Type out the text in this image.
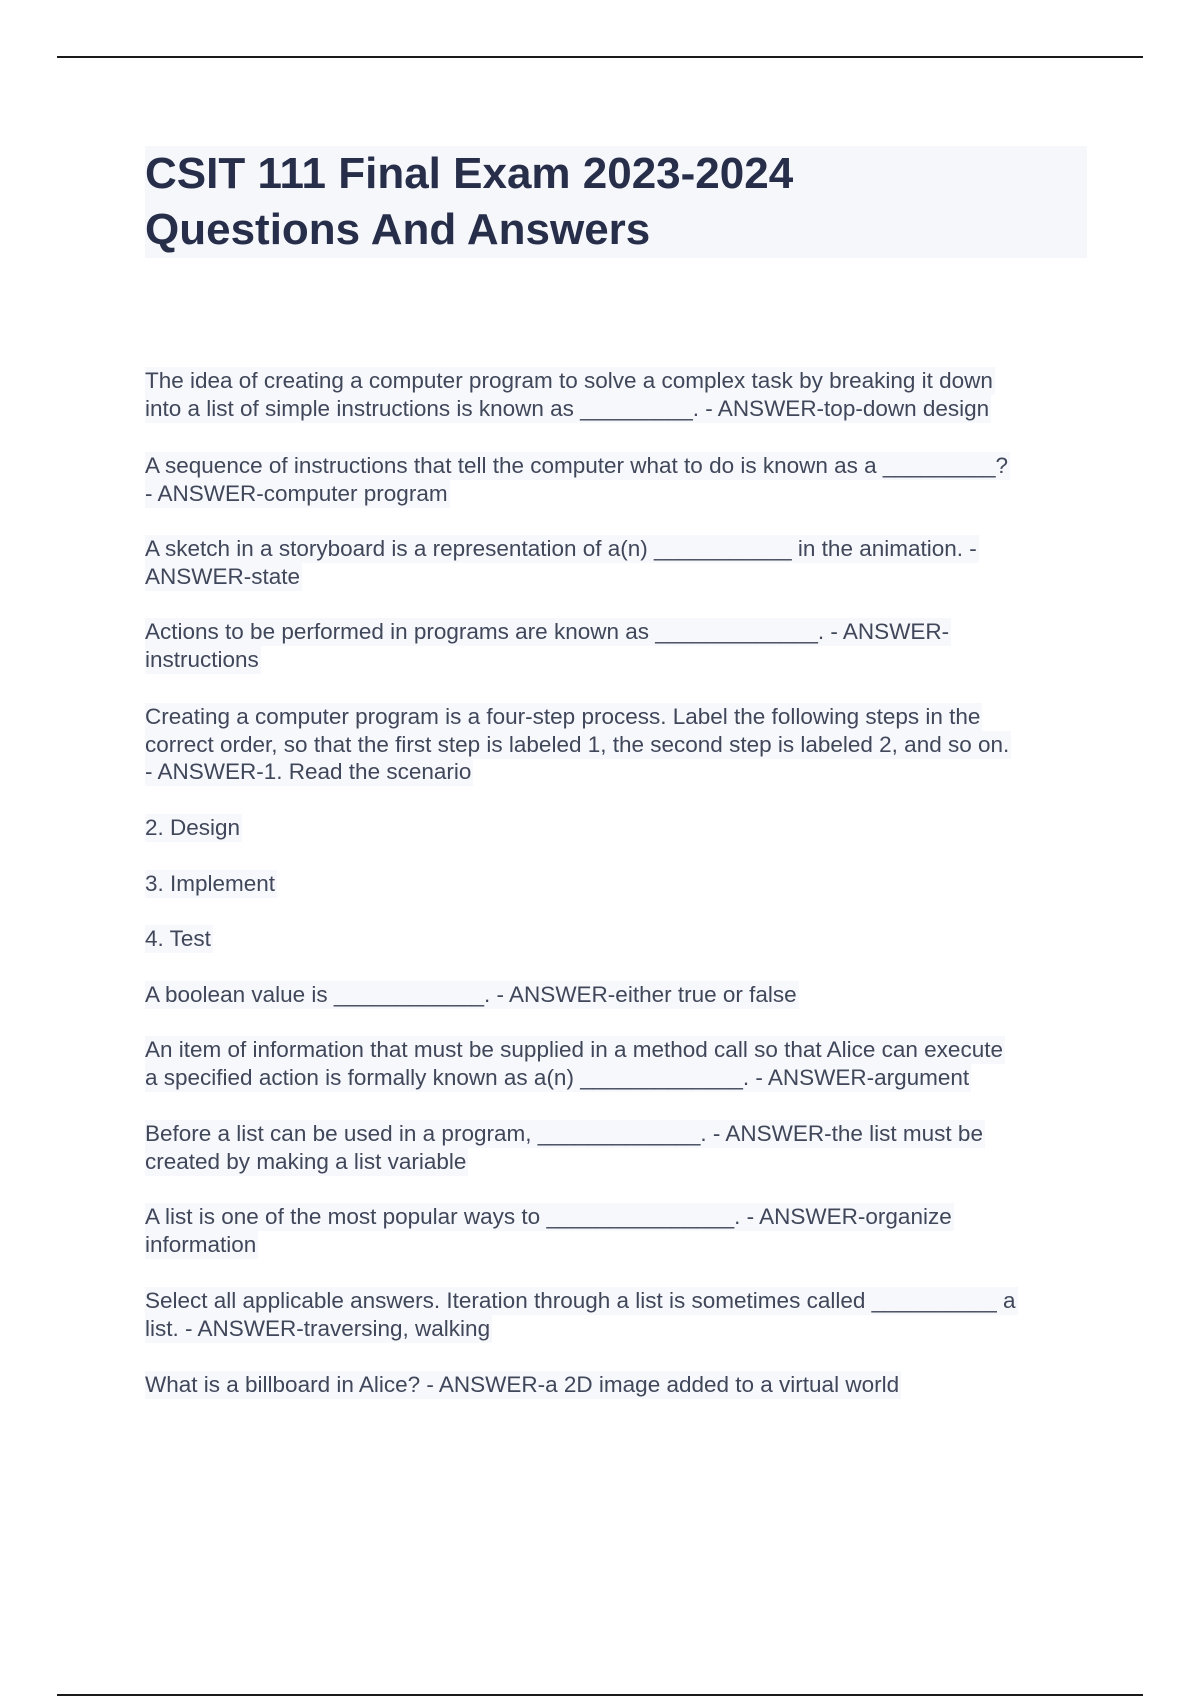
CSIT 111 Final Exam 2023-2024
Questions And Answers
The idea of creating a computer program to solve a complex task by breaking it down
into a list of simple instructions is known as _________. - ANSWER-top-down design
A sequence of instructions that tell the computer what to do is known as a _________?
- ANSWER-computer program
A sketch in a storyboard is a representation of a(n) ___________ in the animation. -
ANSWER-state
Actions to be performed in programs are known as _____________. - ANSWER-
instructions
Creating a computer program is a four-step process. Label the following steps in the
correct order, so that the first step is labeled 1, the second step is labeled 2, and so on.
- ANSWER-1. Read the scenario
2. Design
3. Implement
4. Test
A boolean value is ____________. - ANSWER-either true or false
An item of information that must be supplied in a method call so that Alice can execute
a specified action is formally known as a(n) _____________. - ANSWER-argument
Before a list can be used in a program, _____________. - ANSWER-the list must be
created by making a list variable
A list is one of the most popular ways to _______________. - ANSWER-organize
information
Select all applicable answers. Iteration through a list is sometimes called __________ a
list. - ANSWER-traversing, walking
What is a billboard in Alice? - ANSWER-a 2D image added to a virtual world
